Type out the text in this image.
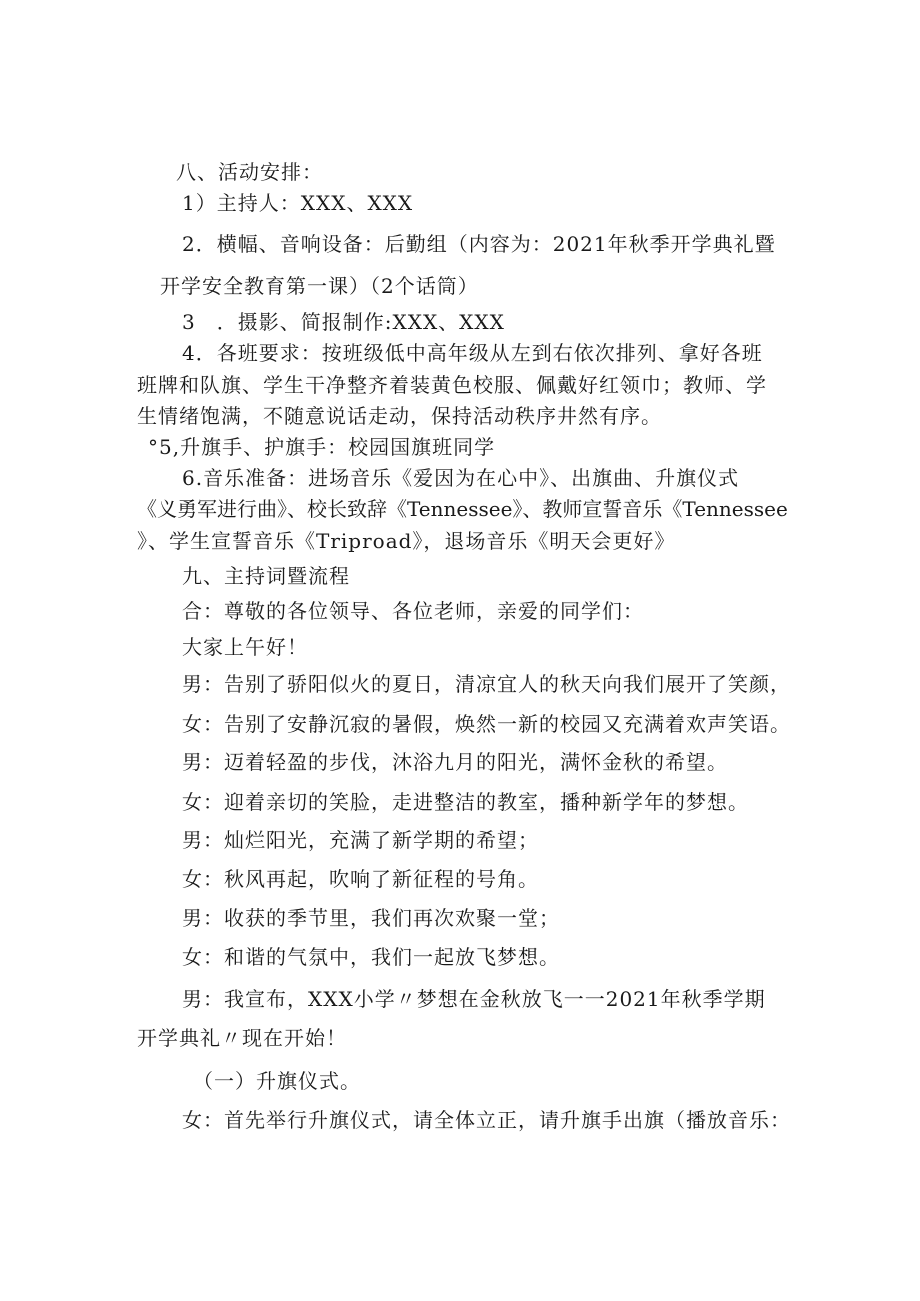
八、活动安排：
1）主持人：XXX、XXX
2．横幅、音响设备：后勤组（内容为：2021年秋季开学典礼暨
开学安全教育第一课）（2个话筒）
3　．摄影、简报制作:XXX、XXX
4．各班要求：按班级低中高年级从左到右依次排列、拿好各班
班牌和队旗、学生干净整齐着装黄色校服、佩戴好红领巾；教师、学
生情绪饱满，不随意说话走动，保持活动秩序井然有序。
°5,升旗手、护旗手：校园国旗班同学
6.音乐准备：进场音乐《爱因为在心中》、出旗曲、升旗仪式
《义勇军进行曲》、校长致辞《Tennessee》、教师宣誓音乐《Tennessee
》、学生宣誓音乐《Triproad》，退场音乐《明天会更好》
九、主持词暨流程
合：尊敬的各位领导、各位老师，亲爱的同学们：
大家上午好！
男：告别了骄阳似火的夏日，清凉宜人的秋天向我们展开了笑颜，
女：告别了安静沉寂的暑假，焕然一新的校园又充满着欢声笑语。
男：迈着轻盈的步伐，沐浴九月的阳光，满怀金秋的希望。
女：迎着亲切的笑脸，走进整洁的教室，播种新学年的梦想。
男：灿烂阳光，充满了新学期的希望；
女：秋风再起，吹响了新征程的号角。
男：收获的季节里，我们再次欢聚一堂；
女：和谐的气氛中，我们一起放飞梦想。
男：我宣布，XXX小学〃梦想在金秋放飞一一2021年秋季学期
开学典礼〃现在开始！
（一）升旗仪式。
女：首先举行升旗仪式，请全体立正，请升旗手出旗（播放音乐：
